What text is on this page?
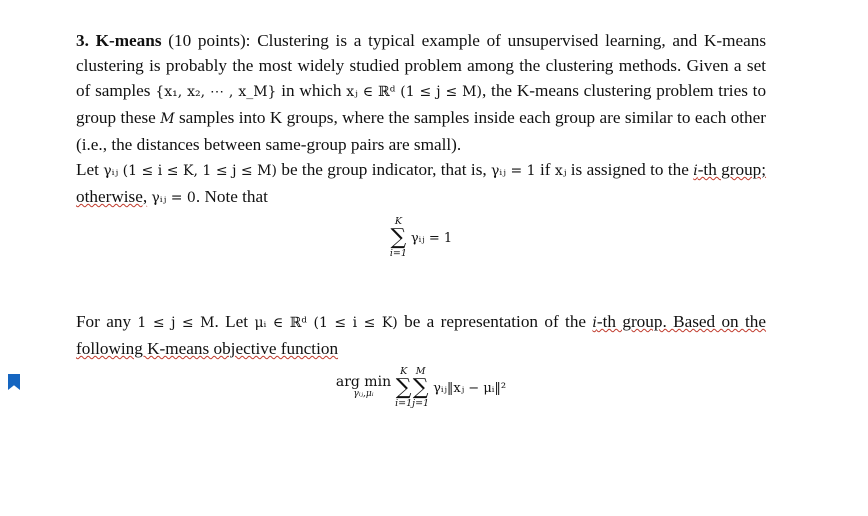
3. K-means (10 points): Clustering is a typical example of unsupervised learning, and K-means clustering is probably the most widely studied problem among the clustering methods. Given a set of samples {x₁, x₂, ⋯ , x_M} in which xⱼ ∈ ℝᵈ (1 ≤ j ≤ M), the K-means clustering problem tries to group these M samples into K groups, where the samples inside each group are similar to each other (i.e., the distances between same-group pairs are small).

Let γᵢⱼ (1 ≤ i ≤ K, 1 ≤ j ≤ M) be the group indicator, that is, γᵢⱼ = 1 if xⱼ is assigned to the i-th group; otherwise, γᵢⱼ = 0. Note that

K
∑
i=1
γᵢⱼ = 1

For any 1 ≤ j ≤ M. Let μᵢ ∈ ℝᵈ (1 ≤ i ≤ K) be a representation of the i-th group. Based on the following K-means objective function

arg min
γᵢⱼ,μᵢ
K
∑
i=1
M
∑
j=1
γᵢⱼ‖xⱼ − μᵢ‖²
